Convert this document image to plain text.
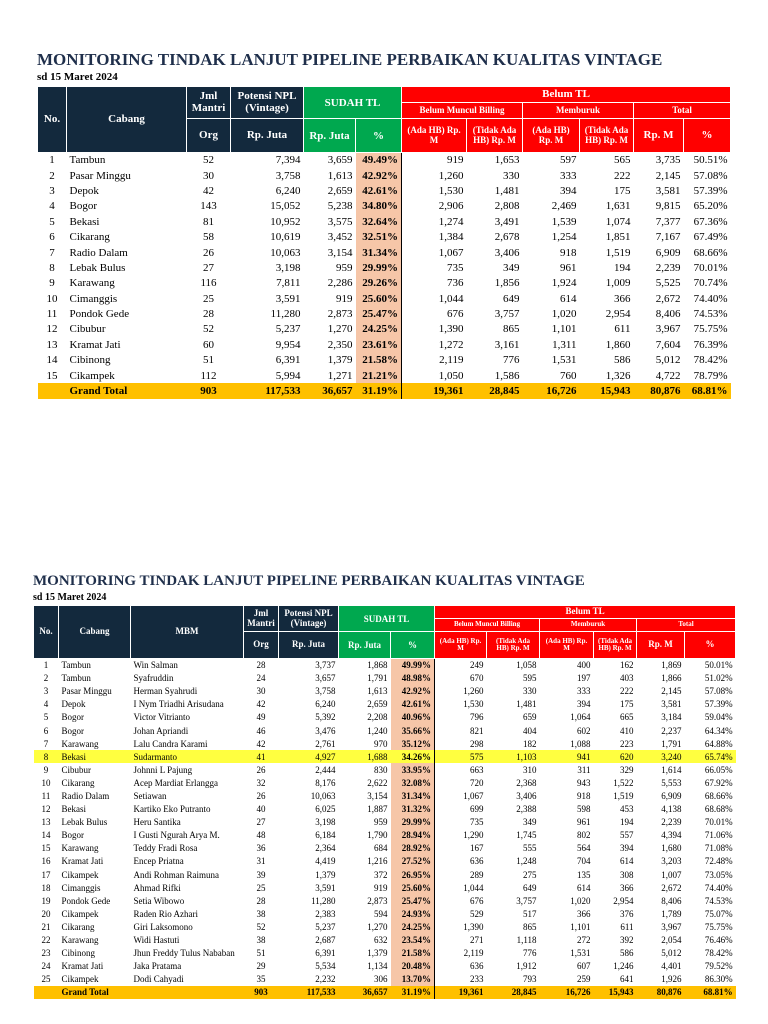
MONITORING TINDAK LANJUT PIPELINE PERBAIKAN KUALITAS VINTAGE
sd 15 Maret 2024
No.	Cabang	Jml Mantri	Potensi NPL (Vintage)	SUDAH TL		Belum TL					
						Belum Muncul Billing		Memburuk		Total	
		Org	Rp. Juta	Rp. Juta	%	(Ada HB) Rp. M	(Tidak Ada HB) Rp. M	(Ada HB) Rp. M	(Tidak Ada HB) Rp. M	Rp. M	%
1	Tambun	52	7,394	3,659	49.49%	919	1,653	597	565	3,735	50.51%
2	Pasar Minggu	30	3,758	1,613	42.92%	1,260	330	333	222	2,145	57.08%
3	Depok	42	6,240	2,659	42.61%	1,530	1,481	394	175	3,581	57.39%
4	Bogor	143	15,052	5,238	34.80%	2,906	2,808	2,469	1,631	9,815	65.20%
5	Bekasi	81	10,952	3,575	32.64%	1,274	3,491	1,539	1,074	7,377	67.36%
6	Cikarang	58	10,619	3,452	32.51%	1,384	2,678	1,254	1,851	7,167	67.49%
7	Radio Dalam	26	10,063	3,154	31.34%	1,067	3,406	918	1,519	6,909	68.66%
8	Lebak Bulus	27	3,198	959	29.99%	735	349	961	194	2,239	70.01%
9	Karawang	116	7,811	2,286	29.26%	736	1,856	1,924	1,009	5,525	70.74%
10	Cimanggis	25	3,591	919	25.60%	1,044	649	614	366	2,672	74.40%
11	Pondok Gede	28	11,280	2,873	25.47%	676	3,757	1,020	2,954	8,406	74.53%
12	Cibubur	52	5,237	1,270	24.25%	1,390	865	1,101	611	3,967	75.75%
13	Kramat Jati	60	9,954	2,350	23.61%	1,272	3,161	1,311	1,860	7,604	76.39%
14	Cibinong	51	6,391	1,379	21.58%	2,119	776	1,531	586	5,012	78.42%
15	Cikampek	112	5,994	1,271	21.21%	1,050	1,586	760	1,326	4,722	78.79%
	Grand Total	903	117,533	36,657	31.19%	19,361	28,845	16,726	15,943	80,876	68.81%
MONITORING TINDAK LANJUT PIPELINE PERBAIKAN KUALITAS VINTAGE
sd 15 Maret 2024
No.	Cabang	MBM	Jml Mantri	Potensi NPL (Vintage)	SUDAH TL		Belum TL					
							Belum Muncul Billing		Memburuk		Total	
			Org	Rp. Juta	Rp. Juta	%	(Ada HB) Rp. M	(Tidak Ada HB) Rp. M	(Ada HB) Rp. M	(Tidak Ada HB) Rp. M	Rp. M	%
1	Tambun	Win Salman	28	3,737	1,868	49.99%	249	1,058	400	162	1,869	50.01%
2	Tambun	Syafruddin	24	3,657	1,791	48.98%	670	595	197	403	1,866	51.02%
3	Pasar Minggu	Herman Syahrudi	30	3,758	1,613	42.92%	1,260	330	333	222	2,145	57.08%
4	Depok	I Nym Triadhi Arisudana	42	6,240	2,659	42.61%	1,530	1,481	394	175	3,581	57.39%
5	Bogor	Victor Vitrianto	49	5,392	2,208	40.96%	796	659	1,064	665	3,184	59.04%
6	Bogor	Johan Apriandi	46	3,476	1,240	35.66%	821	404	602	410	2,237	64.34%
7	Karawang	Lalu Candra Karami	42	2,761	970	35.12%	298	182	1,088	223	1,791	64.88%
8	Bekasi	Sudarmanto	41	4,927	1,688	34.26%	575	1,103	941	620	3,240	65.74%
9	Cibubur	Johnni L Pajung	26	2,444	830	33.95%	663	310	311	329	1,614	66.05%
10	Cikarang	Acep Mardiat Erlangga	32	8,176	2,622	32.08%	720	2,368	943	1,522	5,553	67.92%
11	Radio Dalam	Setiawan	26	10,063	3,154	31.34%	1,067	3,406	918	1,519	6,909	68.66%
12	Bekasi	Kartiko Eko Putranto	40	6,025	1,887	31.32%	699	2,388	598	453	4,138	68.68%
13	Lebak Bulus	Heru Santika	27	3,198	959	29.99%	735	349	961	194	2,239	70.01%
14	Bogor	I Gusti Ngurah Arya M.	48	6,184	1,790	28.94%	1,290	1,745	802	557	4,394	71.06%
15	Karawang	Teddy Fradi Rosa	36	2,364	684	28.92%	167	555	564	394	1,680	71.08%
16	Kramat Jati	Encep Priatna	31	4,419	1,216	27.52%	636	1,248	704	614	3,203	72.48%
17	Cikampek	Andi Rohman Raimuna	39	1,379	372	26.95%	289	275	135	308	1,007	73.05%
18	Cimanggis	Ahmad Rifki	25	3,591	919	25.60%	1,044	649	614	366	2,672	74.40%
19	Pondok Gede	Setia Wibowo	28	11,280	2,873	25.47%	676	3,757	1,020	2,954	8,406	74.53%
20	Cikampek	Raden Rio Azhari	38	2,383	594	24.93%	529	517	366	376	1,789	75.07%
21	Cikarang	Giri Laksomono	52	5,237	1,270	24.25%	1,390	865	1,101	611	3,967	75.75%
22	Karawang	Widi Hastuti	38	2,687	632	23.54%	271	1,118	272	392	2,054	76.46%
23	Cibinong	Jhun Freddy Tulus Nababan	51	6,391	1,379	21.58%	2,119	776	1,531	586	5,012	78.42%
24	Kramat Jati	Jaka Pratama	29	5,534	1,134	20.48%	636	1,912	607	1,246	4,401	79.52%
25	Cikampek	Dodi Cahyadi	35	2,232	306	13.70%	233	793	259	641	1,926	86.30%
	Grand Total		903	117,533	36,657	31.19%	19,361	28,845	16,726	15,943	80,876	68.81%
